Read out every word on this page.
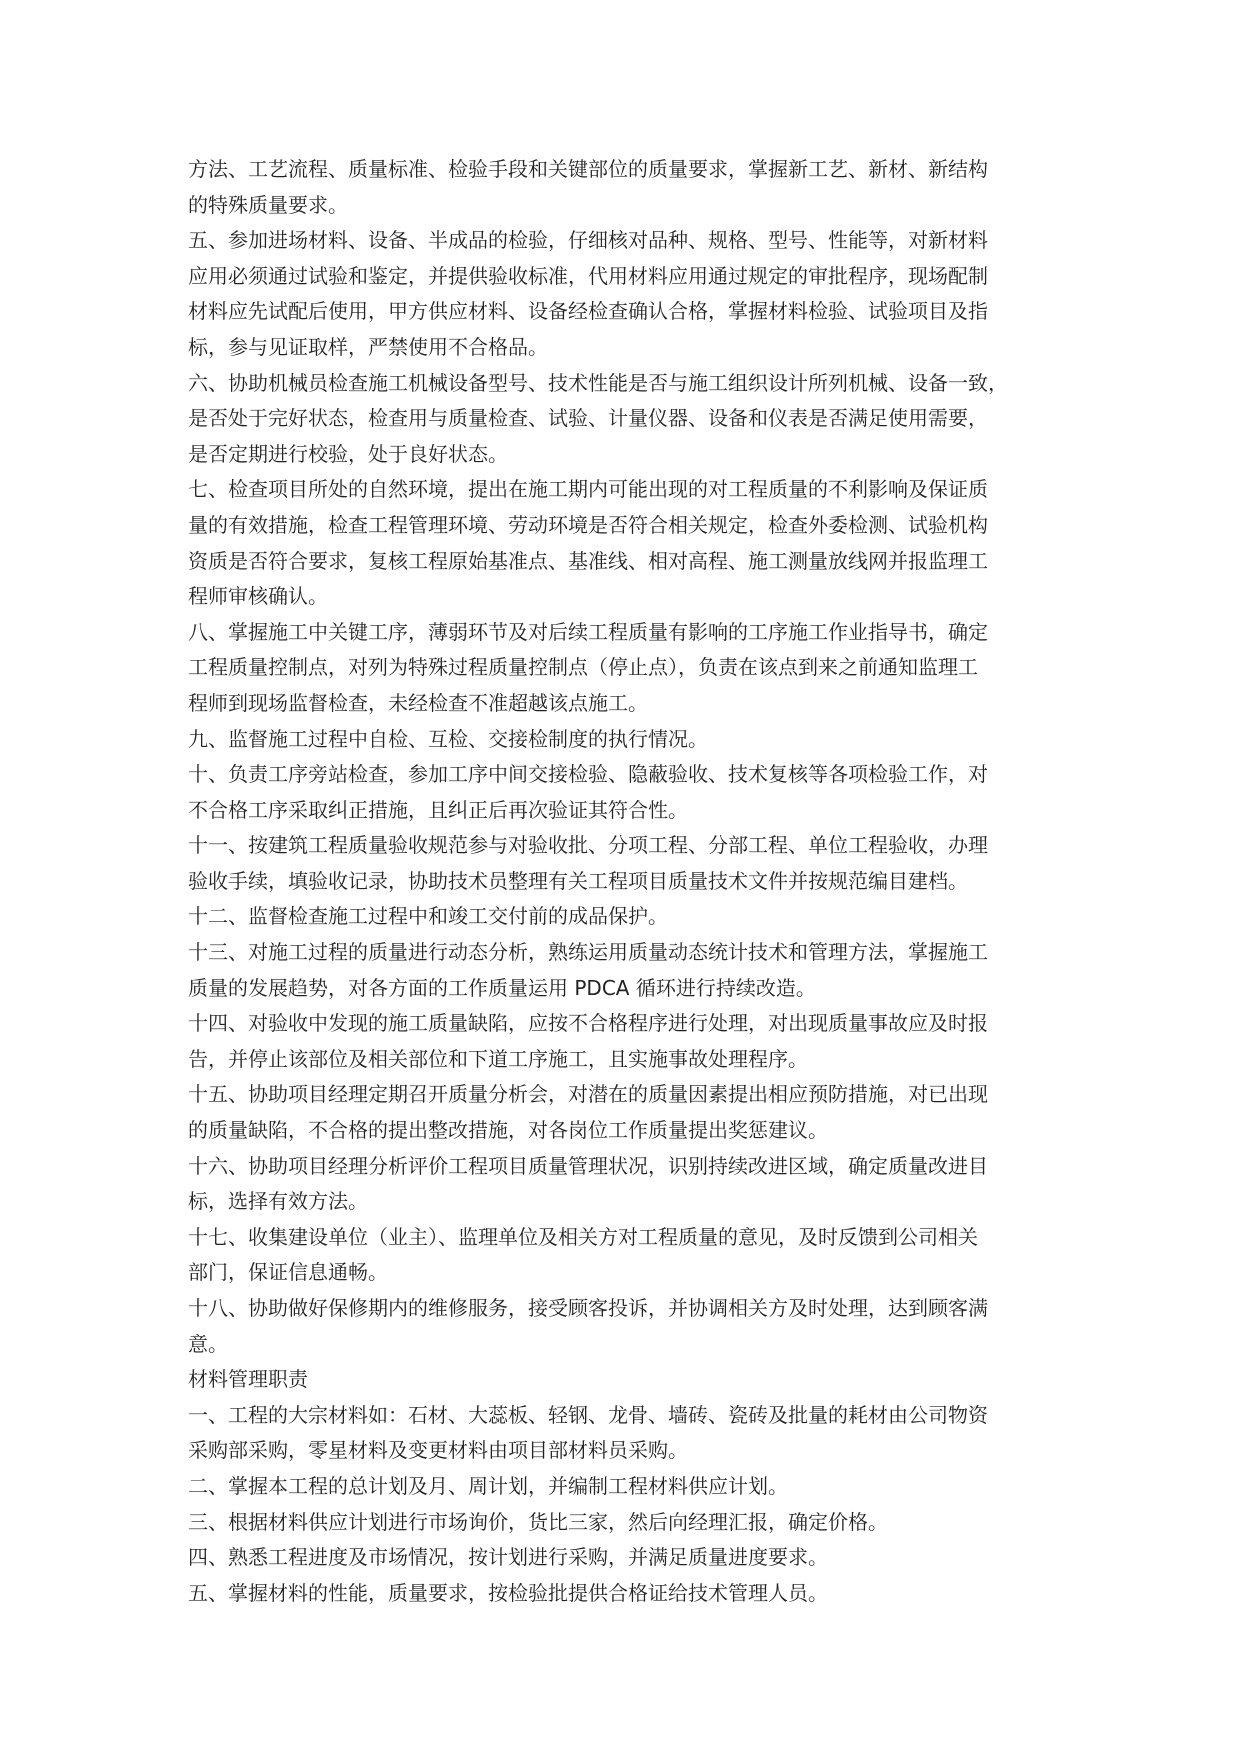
方法、工艺流程、质量标准、检验手段和关键部位的质量要求，掌握新工艺、新材、新结构
的特殊质量要求。
五、参加进场材料、设备、半成品的检验，仔细核对品种、规格、型号、性能等，对新材料
应用必须通过试验和鉴定，并提供验收标准，代用材料应用通过规定的审批程序，现场配制
材料应先试配后使用，甲方供应材料、设备经检查确认合格，掌握材料检验、试验项目及指
标，参与见证取样，严禁使用不合格品。
六、协助机械员检查施工机械设备型号、技术性能是否与施工组织设计所列机械、设备一致，
是否处于完好状态，检查用与质量检查、试验、计量仪器、设备和仪表是否满足使用需要，
是否定期进行校验，处于良好状态。
七、检查项目所处的自然环境，提出在施工期内可能出现的对工程质量的不利影响及保证质
量的有效措施，检查工程管理环境、劳动环境是否符合相关规定，检查外委检测、试验机构
资质是否符合要求，复核工程原始基准点、基准线、相对高程、施工测量放线网并报监理工
程师审核确认。
八、掌握施工中关键工序，薄弱环节及对后续工程质量有影响的工序施工作业指导书，确定
工程质量控制点，对列为特殊过程质量控制点（停止点），负责在该点到来之前通知监理工
程师到现场监督检查，未经检查不准超越该点施工。
九、监督施工过程中自检、互检、交接检制度的执行情况。
十、负责工序旁站检查，参加工序中间交接检验、隐蔽验收、技术复核等各项检验工作，对
不合格工序采取纠正措施，且纠正后再次验证其符合性。
十一、按建筑工程质量验收规范参与对验收批、分项工程、分部工程、单位工程验收，办理
验收手续，填验收记录，协助技术员整理有关工程项目质量技术文件并按规范编目建档。
十二、监督检查施工过程中和竣工交付前的成品保护。
十三、对施工过程的质量进行动态分析，熟练运用质量动态统计技术和管理方法，掌握施工
质量的发展趋势，对各方面的工作质量运用 PDCA 循环进行持续改造。
十四、对验收中发现的施工质量缺陷，应按不合格程序进行处理，对出现质量事故应及时报
告，并停止该部位及相关部位和下道工序施工，且实施事故处理程序。
十五、协助项目经理定期召开质量分析会，对潜在的质量因素提出相应预防措施，对已出现
的质量缺陷，不合格的提出整改措施，对各岗位工作质量提出奖惩建议。
十六、协助项目经理分析评价工程项目质量管理状况，识别持续改进区域，确定质量改进目
标，选择有效方法。
十七、收集建设单位（业主）、监理单位及相关方对工程质量的意见，及时反馈到公司相关
部门，保证信息通畅。
十八、协助做好保修期内的维修服务，接受顾客投诉，并协调相关方及时处理，达到顾客满
意。
材料管理职责
一、工程的大宗材料如：石材、大蕊板、轻钢、龙骨、墙砖、瓷砖及批量的耗材由公司物资
采购部采购，零星材料及变更材料由项目部材料员采购。
二、掌握本工程的总计划及月、周计划，并编制工程材料供应计划。
三、根据材料供应计划进行市场询价，货比三家，然后向经理汇报，确定价格。
四、熟悉工程进度及市场情况，按计划进行采购，并满足质量进度要求。
五、掌握材料的性能，质量要求，按检验批提供合格证给技术管理人员。
